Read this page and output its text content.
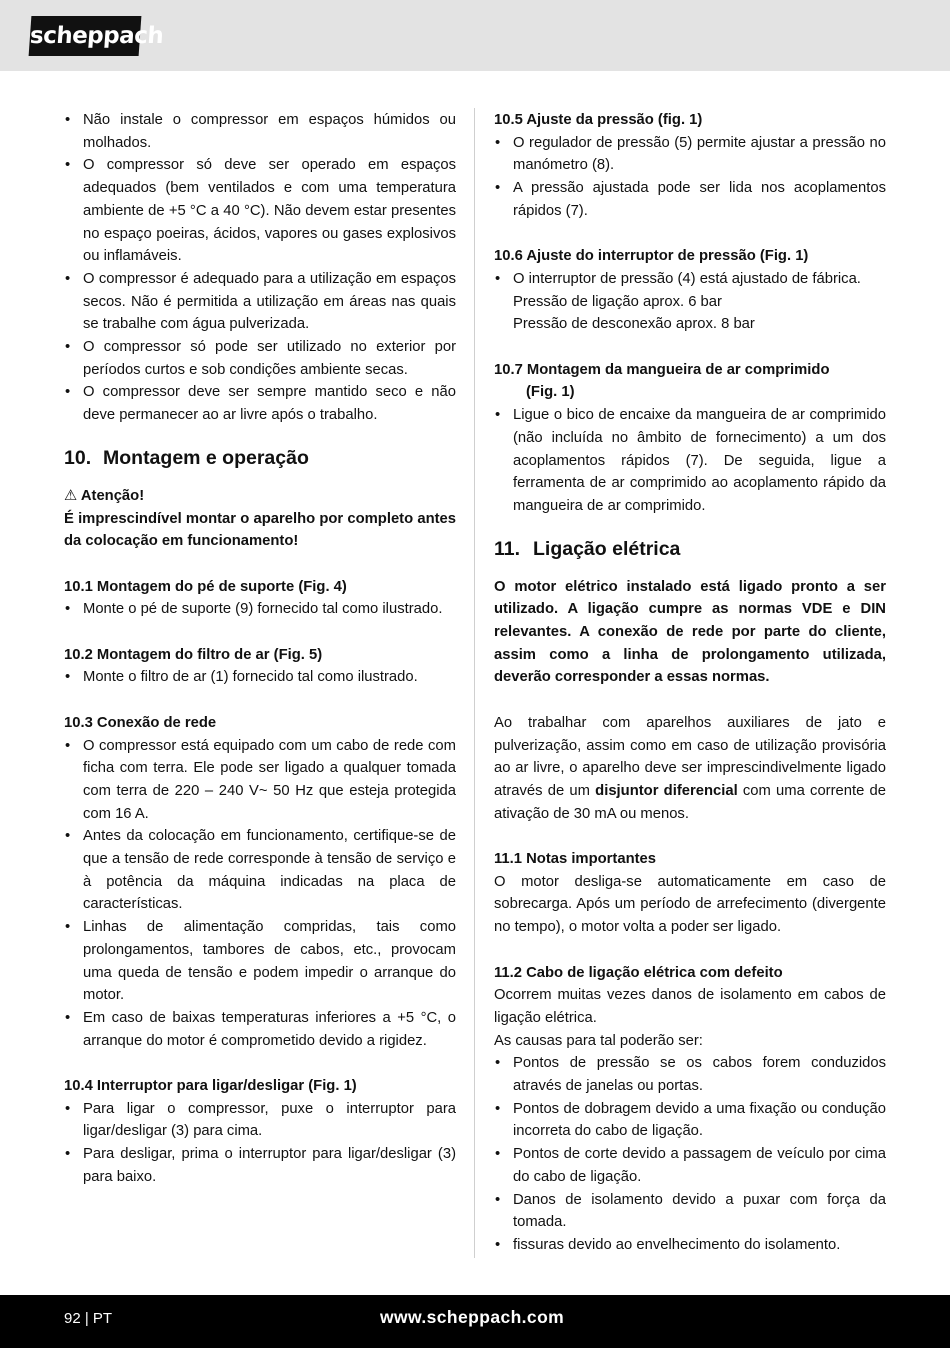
scheppach
• Não instale o compressor em espaços húmidos ou molhados.
• O compressor só deve ser operado em espaços adequados (bem ventilados e com uma temperatura ambiente de +5 °C a 40 °C). Não devem estar presentes no espaço poeiras, ácidos, vapores ou gases explosivos ou inflamáveis.
• O compressor é adequado para a utilização em espaços secos. Não é permitida a utilização em áreas nas quais se trabalhe com água pulverizada.
• O compressor só pode ser utilizado no exterior por períodos curtos e sob condições ambiente secas.
• O compressor deve ser sempre mantido seco e não deve permanecer ao ar livre após o trabalho.
10. Montagem e operação
⚠ Atenção!
É imprescindível montar o aparelho por completo antes da colocação em funcionamento!
10.1 Montagem do pé de suporte (Fig. 4)
• Monte o pé de suporte (9) fornecido tal como ilustrado.
10.2 Montagem do filtro de ar (Fig. 5)
• Monte o filtro de ar (1) fornecido tal como ilustrado.
10.3 Conexão de rede
• O compressor está equipado com um cabo de rede com ficha com terra. Ele pode ser ligado a qualquer tomada com terra de 220 – 240 V~ 50 Hz que esteja protegida com 16 A.
• Antes da colocação em funcionamento, certifique-se de que a tensão de rede corresponde à tensão de serviço e à potência da máquina indicadas na placa de características.
• Linhas de alimentação compridas, tais como prolongamentos, tambores de cabos, etc., provocam uma queda de tensão e podem impedir o arranque do motor.
• Em caso de baixas temperaturas inferiores a +5 °C, o arranque do motor é comprometido devido a rigidez.
10.4 Interruptor para ligar/desligar (Fig. 1)
• Para ligar o compressor, puxe o interruptor para ligar/desligar (3) para cima.
• Para desligar, prima o interruptor para ligar/desligar (3) para baixo.
10.5 Ajuste da pressão (fig. 1)
• O regulador de pressão (5) permite ajustar a pressão no manómetro (8).
• A pressão ajustada pode ser lida nos acoplamentos rápidos (7).
10.6 Ajuste do interruptor de pressão (Fig. 1)
• O interruptor de pressão (4) está ajustado de fábrica.
Pressão de ligação aprox. 6 bar
Pressão de desconexão aprox. 8 bar
10.7 Montagem da mangueira de ar comprimido
(Fig. 1)
• Ligue o bico de encaixe da mangueira de ar comprimido (não incluída no âmbito de fornecimento) a um dos acoplamentos rápidos (7). De seguida, ligue a ferramenta de ar comprimido ao acoplamento rápido da mangueira de ar comprimido.
11. Ligação elétrica
O motor elétrico instalado está ligado pronto a ser utilizado. A ligação cumpre as normas VDE e DIN relevantes. A conexão de rede por parte do cliente, assim como a linha de prolongamento utilizada, deverão corresponder a essas normas.
Ao trabalhar com aparelhos auxiliares de jato e pulverização, assim como em caso de utilização provisória ao ar livre, o aparelho deve ser imprescindivelmente ligado através de um disjuntor diferencial com uma corrente de ativação de 30 mA ou menos.
11.1 Notas importantes
O motor desliga-se automaticamente em caso de sobrecarga. Após um período de arrefecimento (divergente no tempo), o motor volta a poder ser ligado.
11.2 Cabo de ligação elétrica com defeito
Ocorrem muitas vezes danos de isolamento em cabos de ligação elétrica.
As causas para tal poderão ser:
• Pontos de pressão se os cabos forem conduzidos através de janelas ou portas.
• Pontos de dobragem devido a uma fixação ou condução incorreta do cabo de ligação.
• Pontos de corte devido a passagem de veículo por cima do cabo de ligação.
• Danos de isolamento devido a puxar com força da tomada.
• fissuras devido ao envelhecimento do isolamento.
92 | PT	www.scheppach.com
